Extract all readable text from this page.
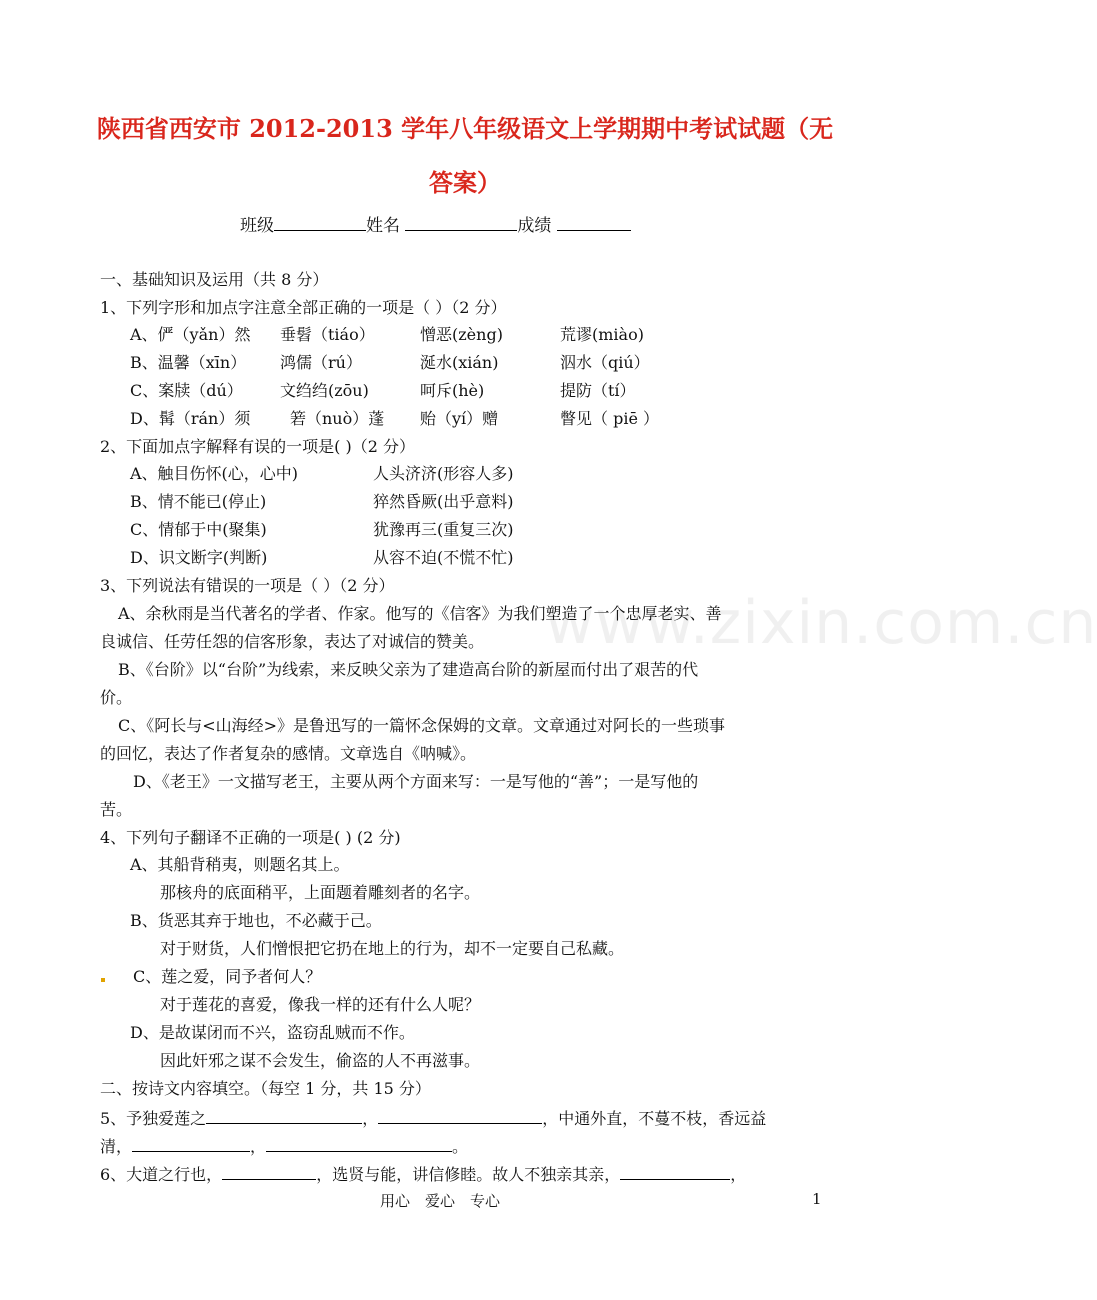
陕西省西安市 2012-2013 学年八年级语文上学期期中考试试题（无
答案）
班级	姓名	成绩
www.zixin.com.cn
一、基础知识及运用（共 8 分）
1、下列字形和加点字注意全部正确的一项是（ ）（2 分）
A、俨（yǎn）然 垂髫（tiáo）	憎恶(zèng)	荒谬(miào)
B、温馨（xīn） 鸿儒（rú）	涎水(xián)	泅水（qiú）
C、案牍（dú） 文绉绉(zōu)	呵斥(hè)	提防（tí）
D、髯（rán）须 箬（nuò）蓬 贻（yí）赠	瞥见（ piē ）
2、下面加点字解释有误的一项是( )（2 分）
A、触目伤怀(心，心中)	人头济济(形容人多)
B、情不能已(停止)	猝然昏厥(出乎意料)
C、情郁于中(聚集)	犹豫再三(重复三次)
D、识文断字(判断)	从容不迫(不慌不忙)
3、下列说法有错误的一项是（ ）（2 分）
A、余秋雨是当代著名的学者、作家。他写的《信客》为我们塑造了一个忠厚老实、善
良诚信、任劳任怨的信客形象，表达了对诚信的赞美。
B、《台阶》以“台阶”为线索，来反映父亲为了建造高台阶的新屋而付出了艰苦的代
价。
C、《阿长与<山海经>》是鲁迅写的一篇怀念保姆的文章。文章通过对阿长的一些琐事
的回忆，表达了作者复杂的感情。文章选自《呐喊》。
D、《老王》一文描写老王，主要从两个方面来写：一是写他的“善”；一是写他的
苦。
4、下列句子翻译不正确的一项是( ) (2 分)
A、其船背稍夷，则题名其上。
那核舟的底面稍平，上面题着雕刻者的名字。
B、货恶其弃于地也，不必藏于己。
对于财货，人们憎恨把它扔在地上的行为，却不一定要自己私藏。
C、莲之爱，同予者何人？
对于莲花的喜爱，像我一样的还有什么人呢？
D、是故谋闭而不兴，盗窃乱贼而不作。
因此奸邪之谋不会发生，偷盗的人不再滋事。
二、按诗文内容填空。（每空 1 分，共 15 分）
5、予独爱莲之	，	，中通外直，不蔓不枝，香远益
清，	，	。
6、大道之行也，	，选贤与能，讲信修睦。故人不独亲其亲，	，
用心　爱心　专心	1
